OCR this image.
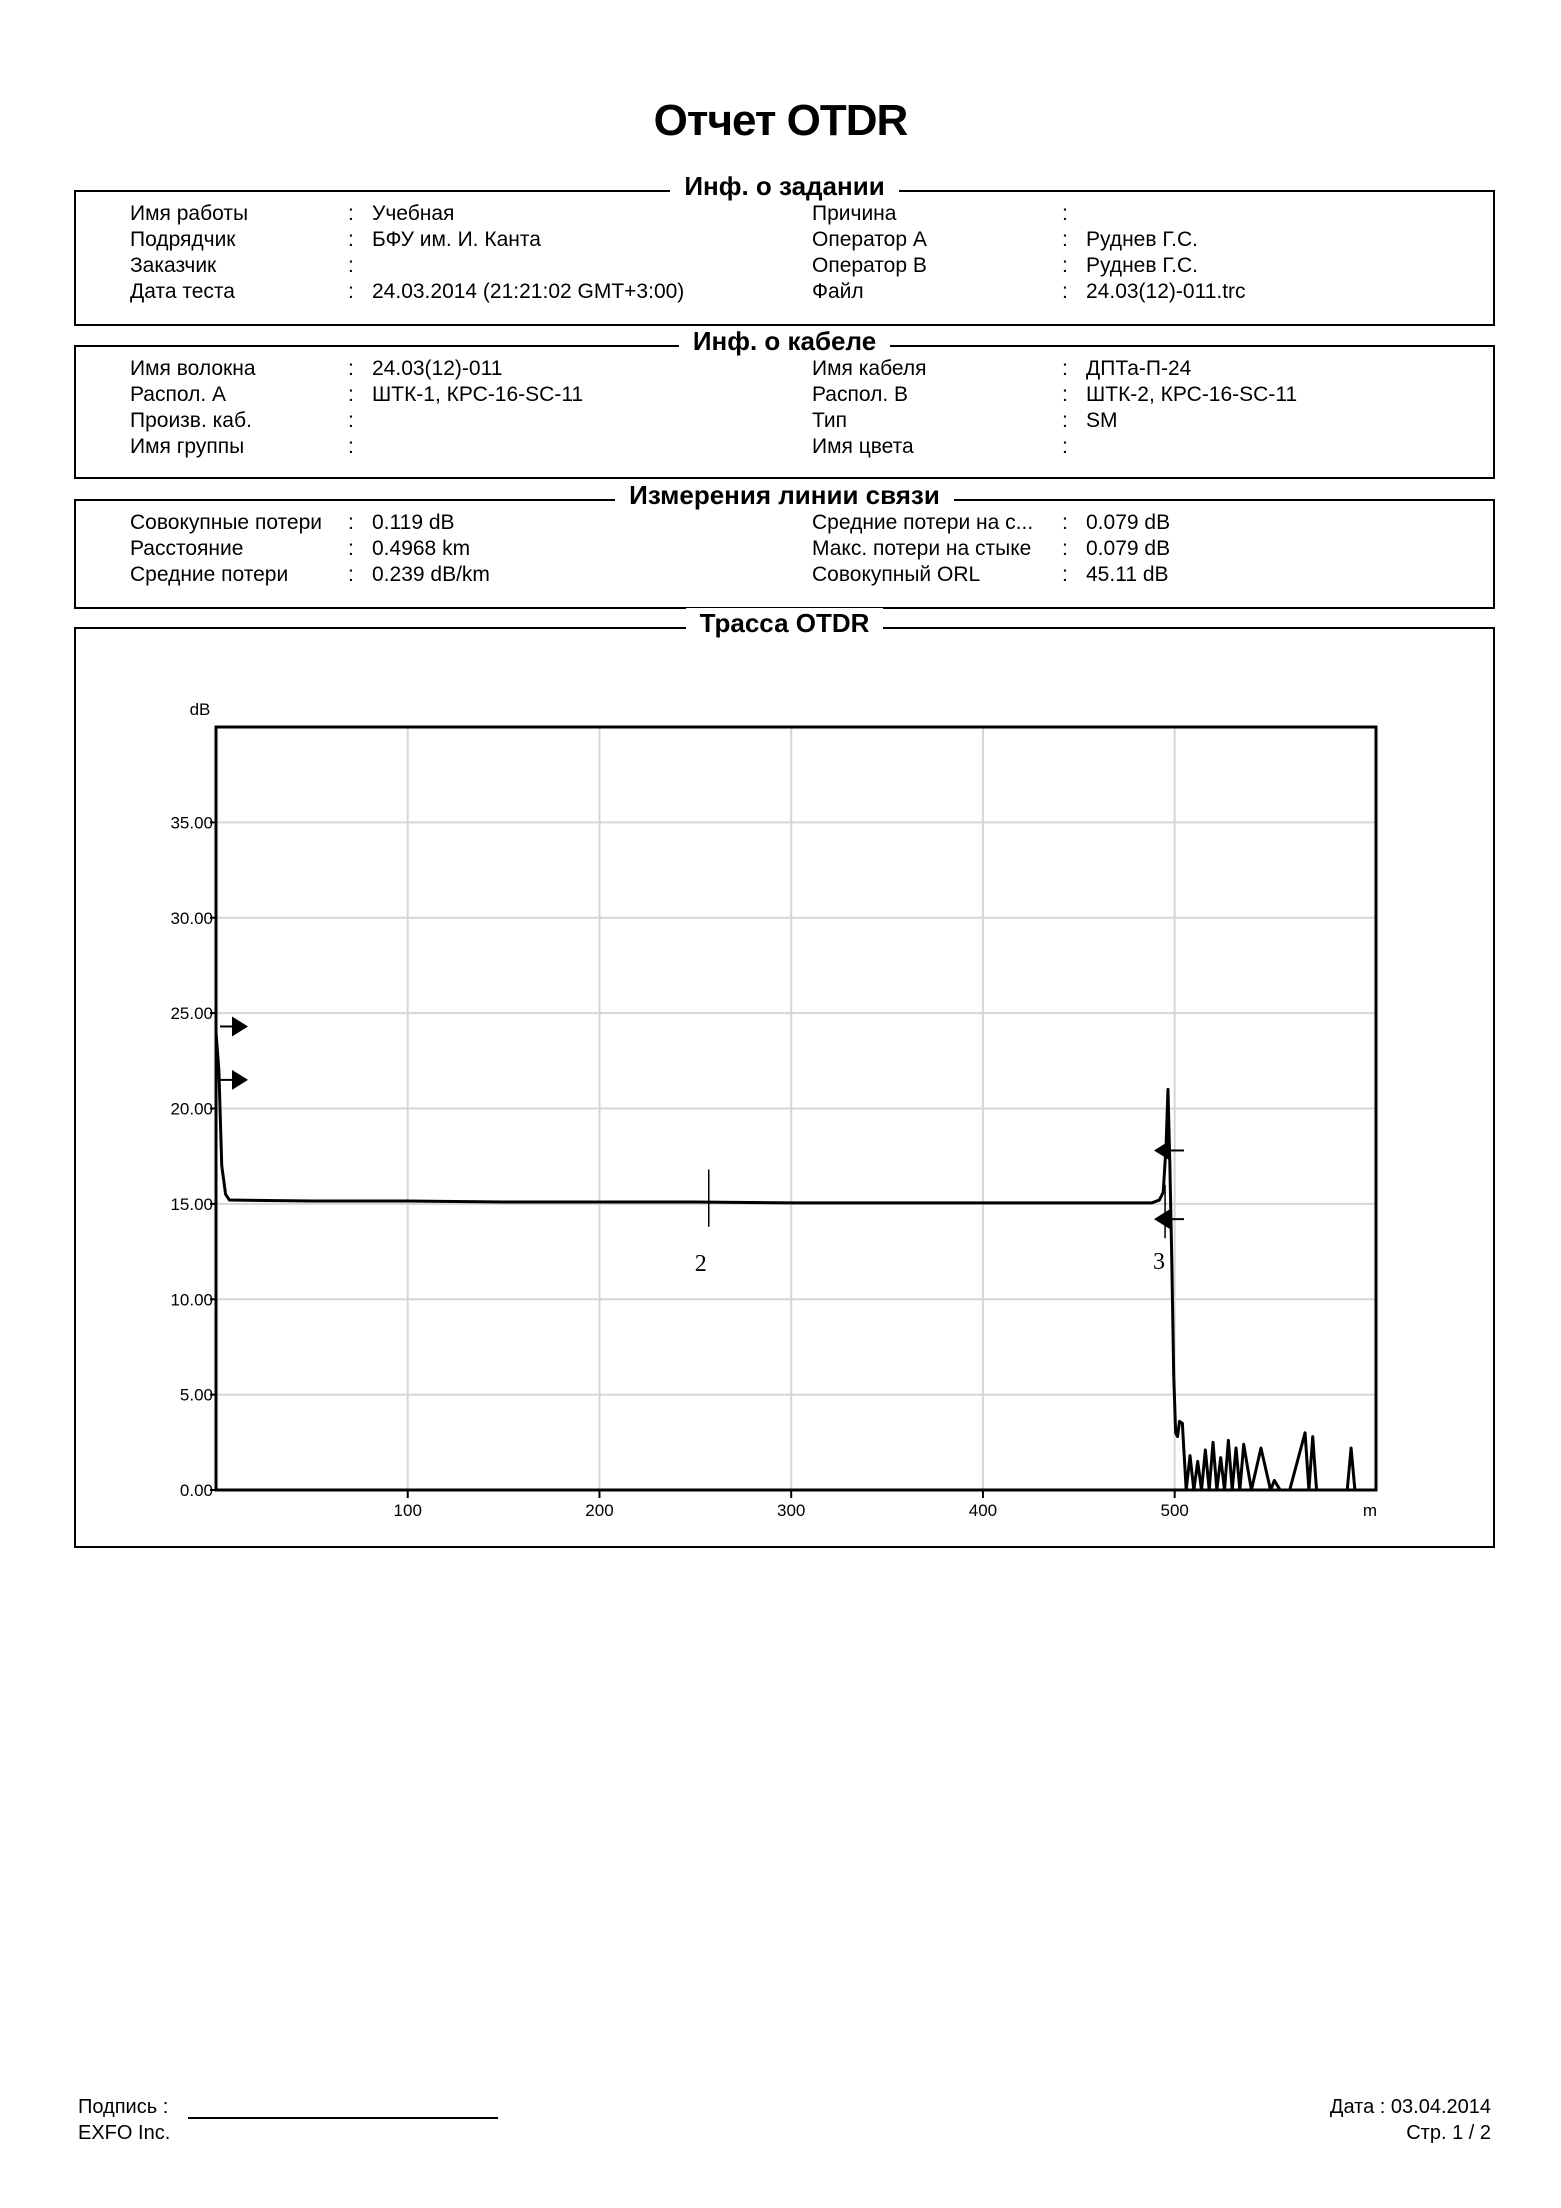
Отчет OTDR
Инф. о задании
Инф. о кабеле
Измерения линии связи
Трасса OTDR
100	200	300	400	500
0.00
5.00
10.00
15.00
20.00
25.00
30.00
35.00
dB
m
2	3
Подпись :
EXFO Inc.
Дата : 03.04.2014
Стр. 1 / 2
Имя работы	: Учебная
Подрядчик	: БФУ им. И. Канта
Заказчик	:
Дата теста	: 24.03.2014 (21:21:02 GMT+3:00)
Причина	:
Оператор A	: Руднев Г.С.
Оператор B	: Руднев Г.С.
Файл	: 24.03(12)-011.trc
Имя волокна	: 24.03(12)-011
Распол. A	: ШТК-1, КРС-16-SC-11
Произв. каб.	:
Имя группы	:
Имя кабеля	: ДПТа-П-24
Распол. B	: ШТК-2, КРС-16-SC-11
Тип	: SM
Имя цвета	:
Совокупные потери : 0.119 dB
Расстояние	: 0.4968 km
Средние потери	: 0.239 dB/km
Средние потери на с... : 0.079 dB
Макс. потери на стыке : 0.079 dB
Совокупный ORL	: 45.11 dB
